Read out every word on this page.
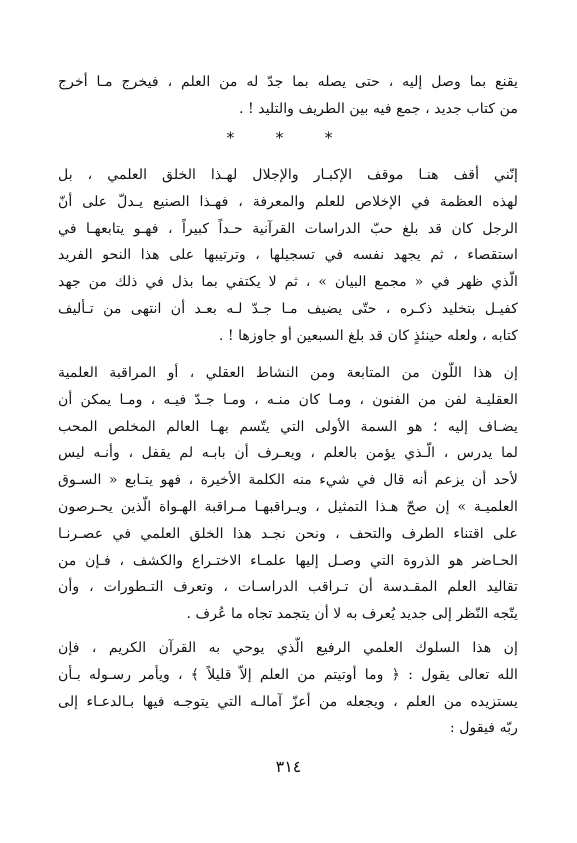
يقنع بما وصل إليه ، حتى يصله بما جدّ له من العلم ، فيخرج مـا أخرج
من كتاب جديد ، جمع فيه بين الطريف والتليد ! .
* * *
إنّني أقف هنـا موقف الإكبـار والإجلال لهـذا الخلق العلمي ، بل
لهذه العظمة في الإخلاص للعلم والمعرفة ، فهـذا الصنيع يـدلّ على أنّ
الرجل كان قد بلغ حبّ الدراسات القرآنية حـداً كبيراً ، فهـو يتابعهـا في
استقصاء ، ثم يجهد نفسه في تسجيلها ، وترتيبها على هذا النحو الفريد
الّذي ظهر في « مجمع البيان » ، ثم لا يكتفي بما بذل في ذلك من جهد
كفيـل بتخليد ذكـره ، حتّى يضيف مـا جـدّ لـه بعـد أن انتهى من تـأليف
كتابه ، ولعله حينئذٍ كان قد بلغ السبعين أو جاوزها ! .
إن هذا اللّون من المتابعة ومن النشاط العقلي ، أو المراقبة العلمية
العقليـة لفن من الفنون ، ومـا كان منـه ، ومـا جـدّ فيـه ، ومـا يمكن أن
يضـاف إليه ؛ هو السمة الأولى التي يتّسم بهـا العالم المخلص المحب
لما يدرس ، الّـذي يؤمن بالعلم ، ويعـرف أن بابـه لم يقفل ، وأنـه ليس
لأحد أن يزعم أنه قال في شيء منه الكلمة الأخيرة ، فهو يتـابع « السـوق
العلميـة » إن صحّ هـذا التمثيل ، ويـراقبهـا مـراقبة الهـواة الّذين يحـرصون
على اقتناء الطرف والتحف ، ونحن نجـد هذا الخلق العلمي في عصـرنـا
الحـاضر هو الذروة التي وصـل إليها علمـاء الاختـراع والكشف ، فـإن من
تقاليد العلم المقـدسة أن تـراقب الدراسـات ، وتعرف التـطورات ، وأن
يتّجه النّظر إلى جديد يُعرف به لا أن يتجمد تجاه ما عُرف .
إن هذا السلوك العلمي الرفيع الّذي يوحي به القرآن الكريم ، فإن
الله تعالى يقول : ﴿ وما أوتيتم من العلم إلاّ قليلاً ﴾ ، ويأمر رسـوله بـأن
يستزيده من العلم ، ويجعله من أعزّ آمالـه التي يتوجـه فيها بـالدعـاء إلى
ربّه فيقول :
٣١٤
